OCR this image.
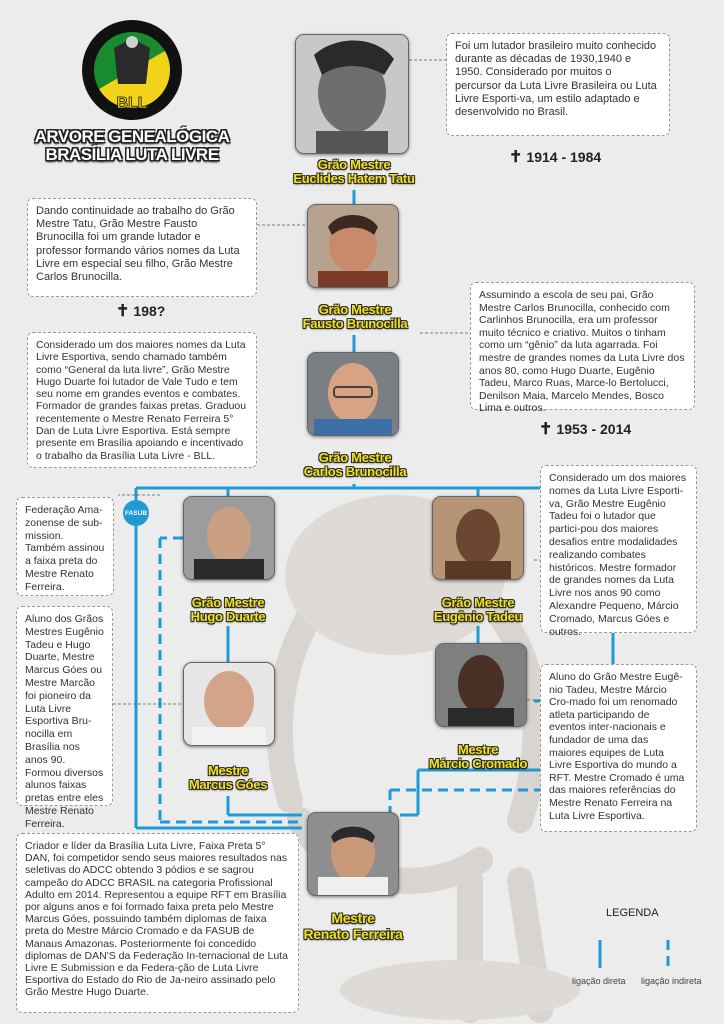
FASUB
BLL
ARVORE GENEALÓGICA
BRASÍLIA LUTA LIVRE
Grão Mestre
Euclides Hatem Tatu
Grão Mestre
Fausto Brunocilla
Grão Mestre
Carlos Brunocilla
Grão Mestre
Hugo Duarte
Grão Mestre
Eugênio Tadeu
Mestre
Marcus Góes
Mestre
Márcio Cromado
Mestre
Renato Ferreira
Foi um lutador brasileiro muito conhecido durante as décadas de 1930,1940 e 1950. Considerado por muitos o percursor da Luta Livre Brasileira ou Luta Livre Esporti-va, um estilo adaptado e desenvolvido no Brasil.
Dando continuidade ao trabalho do Grão Mestre Tatu, Grão Mestre Fausto Brunocilla foi um grande lutador e professor formando vários nomes da Luta Livre em especial seu filho, Grão Mestre Carlos Brunocilla.
Assumindo a escola de seu pai, Grão Mestre Carlos Brunocilla, conhecido com Carlinhos Brunocilla, era um professor muito técnico e criativo. Muitos o tinham como um “gênio” da luta agarrada. Foi mestre de grandes nomes da Luta Livre dos anos 80, como Hugo Duarte, Eugênio Tadeu, Marco Ruas, Marce-lo Bertolucci, Denilson Maia, Marcelo Mendes, Bosco Lima e outros.
Considerado um dos maiores nomes da Luta Livre Esportiva, sendo chamado também como “General da luta livre”, Grão Mestre Hugo Duarte foi lutador de Vale Tudo e tem seu nome em grandes eventos e combates. Formador de grandes faixas pretas. Graduou recentemente o Mestre Renato Ferreira 5° Dan de Luta Livre Esportiva. Está sempre presente em Brasília apoiando e incentivado o trabalho da Brasília Luta Livre - BLL.
Federação Ama-zonense de sub-mission. Também assinou a faixa preta do Mestre Renato Ferreira.
Considerado um dos maiores nomes da Luta Livre Esporti-va, Grão Mestre Eugênio Tadeu foi o lutador que partici-pou dos maiores desafios entre modalidades realizando combates históricos. Mestre formador de grandes nomes da Luta Livre nos anos 90 como Alexandre Pequeno, Márcio Cromado, Marcus Góes e outros.
Aluno dos Grãos Mestres Eugênio Tadeu e Hugo Duarte, Mestre Marcus Góes ou Mestre Marcão foi pioneiro da Luta Livre Esportiva Bru-nocilla em Brasília nos anos 90. Formou diversos alunos faixas pretas entre eles Mestre Renato Ferreira.
Aluno do Grão Mestre Eugê-nio Tadeu, Mestre Márcio Cro-mado foi um renomado atleta participando de eventos inter-nacionais e fundador de uma das maiores equipes de Luta Livre Esportiva do mundo a RFT. Mestre Cromado é uma das maiores referências do Mestre Renato Ferreira na Luta Livre Esportiva.
Criador e líder da Brasília Luta Livre, Faixa Preta 5° DAN, foi competidor sendo seus maiores resultados nas seletivas do ADCC obtendo 3 pódios e se sagrou campeão do ADCC BRASIL na categoria Profissional Adulto em 2014. Representou a equipe RFT em Brasília por alguns anos e foi formado faixa preta pelo Mestre Marcus Góes, possuindo também diplomas de faixa preta do Mestre Márcio Cromado e da FASUB de Manaus Amazonas. Posteriormente foi concedido diplomas de DAN'S da Federação In-ternacional de Luta Livre E Submission e da Federa-ção de Luta Livre Esportiva do Estado do Rio de Ja-neiro assinado pelo Grão Mestre Hugo Duarte.
✝ 1914 - 1984
✝ 198?
✝ 1953 - 2014
LEGENDA
ligação direta ligação indireta
